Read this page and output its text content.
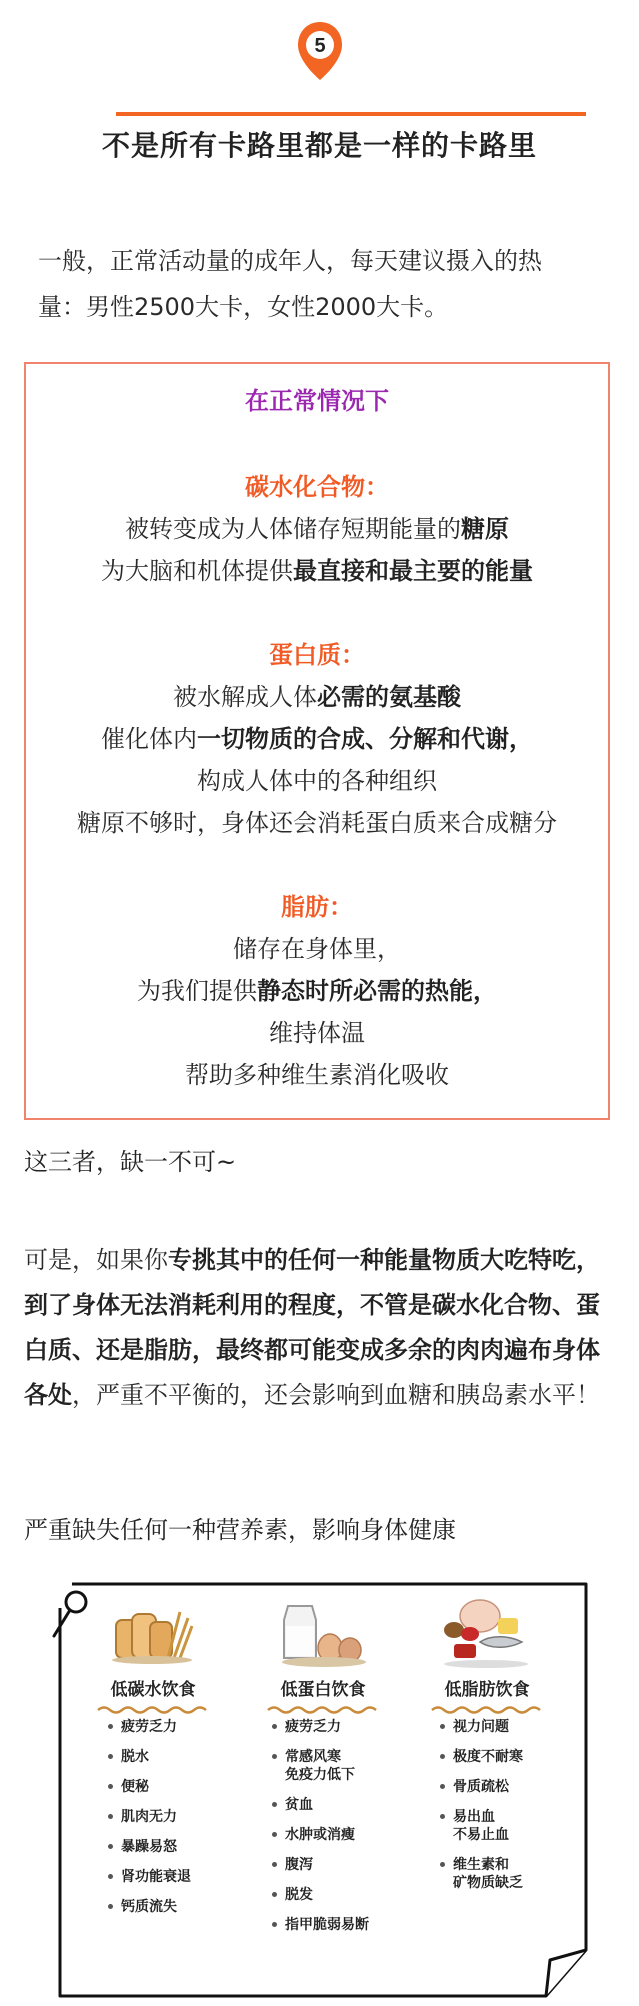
5
不是所有卡路里都是一样的卡路里
一般，正常活动量的成年人，每天建议摄入的热
量：男性2500大卡，女性2000大卡。
在正常情况下
碳水化合物：
被转变成为人体储存短期能量的糖原
为大脑和机体提供最直接和最主要的能量
蛋白质：
被水解成人体必需的氨基酸
催化体内一切物质的合成、分解和代谢，
构成人体中的各种组织
糖原不够时，身体还会消耗蛋白质来合成糖分
脂肪：
储存在身体里，
为我们提供静态时所必需的热能，
维持体温
帮助多种维生素消化吸收
这三者，缺一不可~
可是，如果你专挑其中的任何一种能量物质大吃特吃，到了身体无法消耗利用的程度，不管是碳水化合物、蛋白质、还是脂肪，最终都可能变成多余的肉肉遍布身体各处，严重不平衡的，还会影响到血糖和胰岛素水平！
严重缺失任何一种营养素，影响身体健康
低碳水饮食
疲劳乏力
脱水
便秘
肌肉无力
暴躁易怒
肾功能衰退
钙质流失
低蛋白饮食
疲劳乏力
常感风寒
免疫力低下
贫血
水肿或消瘦
腹泻
脱发
指甲脆弱易断
低脂肪饮食
视力问题
极度不耐寒
骨质疏松
易出血
不易止血
维生素和
矿物质缺乏
